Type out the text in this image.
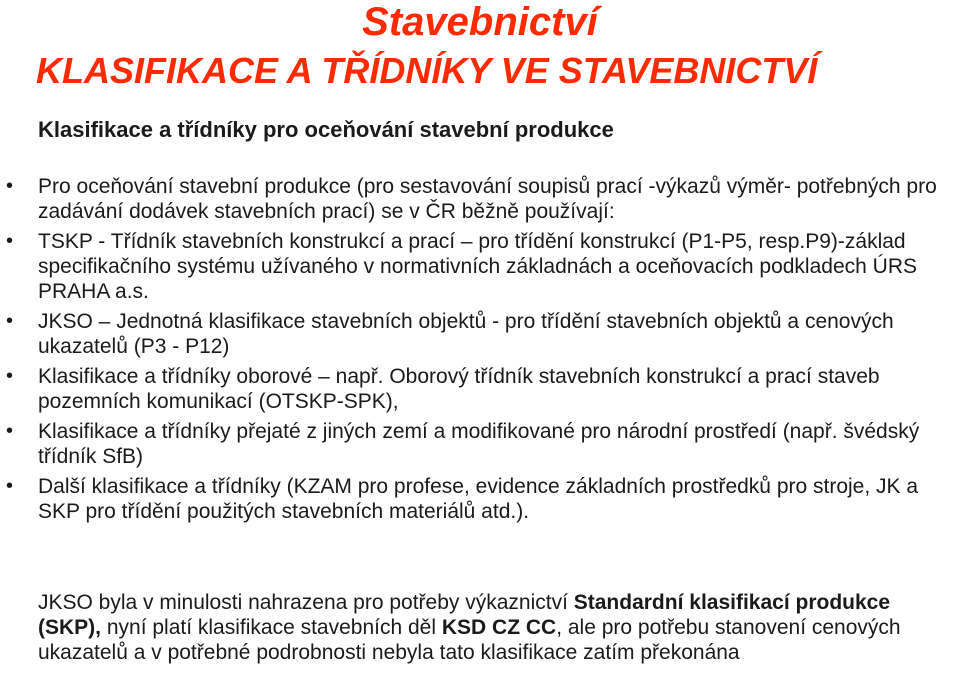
Stavebnictví
KLASIFIKACE A TŘÍDNÍKY VE STAVEBNICTVÍ

Klasifikace a třídníky pro oceňování stavební produkce

• Pro oceňování stavební produkce (pro sestavování soupisů prací -výkazů výměr- potřebných pro zadávání dodávek stavebních prací) se v ČR běžně používají:
• TSKP - Třídník stavebních konstrukcí a prací – pro třídění konstrukcí (P1-P5, resp.P9)-základ specifikačního systému užívaného v normativních základnách a oceňovacích podkladech ÚRS PRAHA a.s.
• JKSO – Jednotná klasifikace stavebních objektů - pro třídění stavebních objektů a cenových ukazatelů (P3 - P12)
• Klasifikace a třídníky oborové – např. Oborový třídník stavebních konstrukcí a prací staveb pozemních komunikací (OTSKP-SPK),
• Klasifikace a třídníky přejaté z jiných zemí a modifikované pro národní prostředí (např. švédský třídník SfB)
• Další klasifikace a třídníky (KZAM pro profese, evidence základních prostředků pro stroje, JK a SKP pro třídění použitých stavebních materiálů atd.).

JKSO byla v minulosti nahrazena pro potřeby výkaznictví Standardní klasifikací produkce (SKP), nyní platí klasifikace stavebních děl KSD CZ CC, ale pro potřebu stanovení cenových ukazatelů a v potřebné podrobnosti nebyla tato klasifikace zatím překonána
